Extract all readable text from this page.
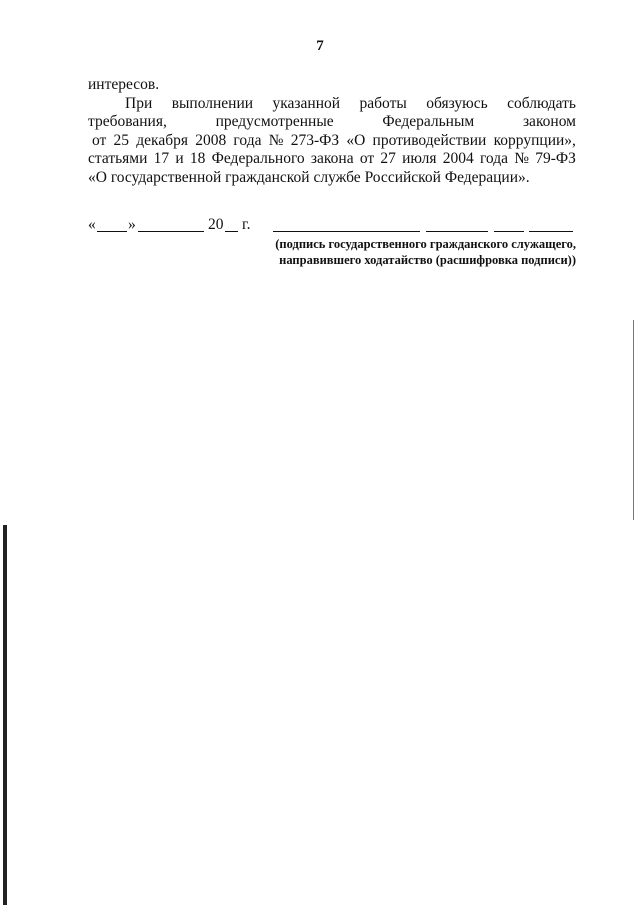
7
интересов.
При выполнении указанной работы обязуюсь соблюдать
требования,	предусмотренные	Федеральным	законом
от 25 декабря 2008 года № 273-ФЗ «О противодействии коррупции»,
статьями 17 и 18 Федерального закона от 27 июля 2004 года № 79-ФЗ
«О государственной гражданской службе Российской Федерации».
« »	20 г.
(подпись государственного гражданского служащего,
направившего ходатайство (расшифровка подписи))
